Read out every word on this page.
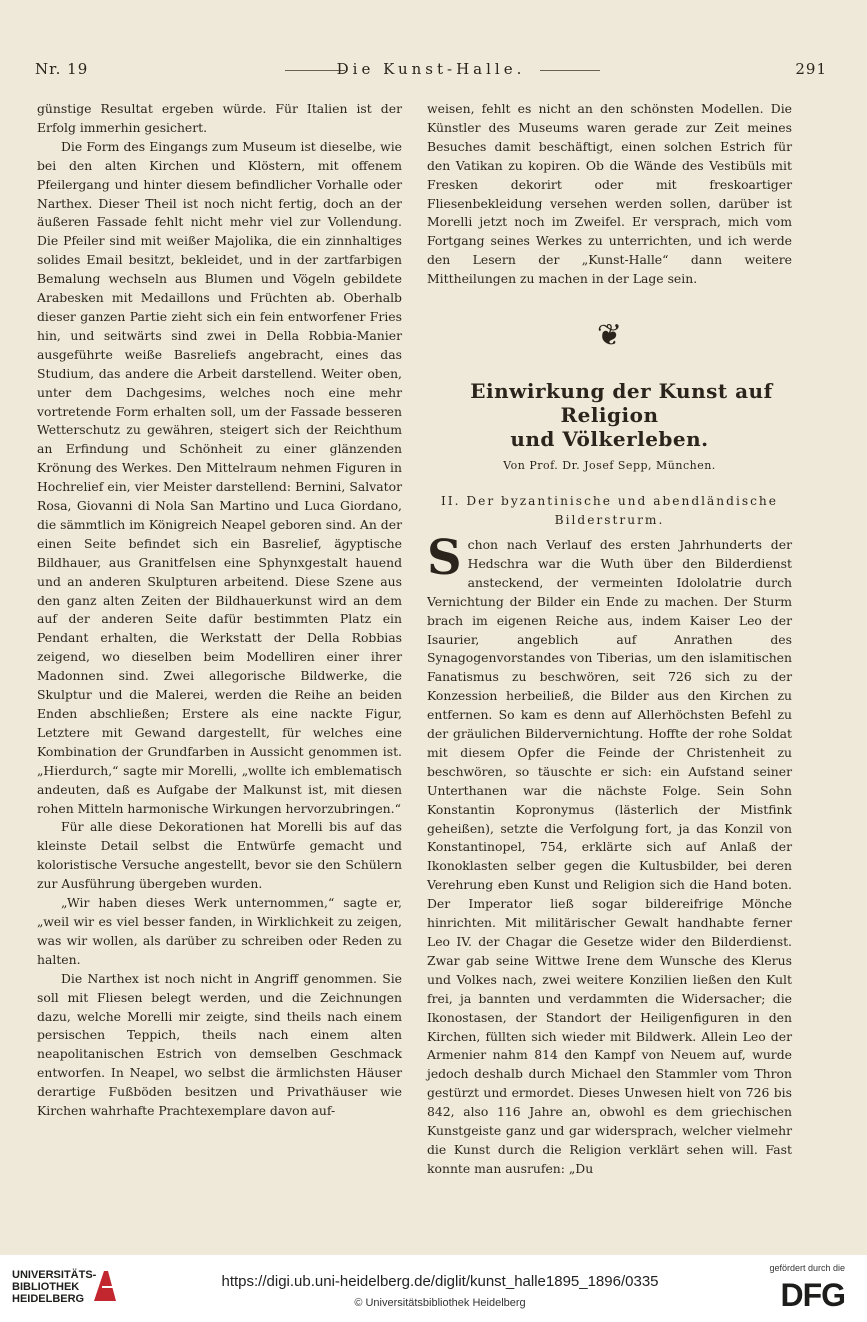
Nr. 19	Die Kunst-Halle.	291

günstige Resultat ergeben würde. Für Italien ist der Erfolg immerhin gesichert.

Die Form des Eingangs zum Museum ist dieselbe, wie bei den alten Kirchen und Klöstern, mit offenem Pfeilergang und hinter diesem befindlicher Vorhalle oder Narthex. Dieser Theil ist noch nicht fertig, doch an der äußeren Fassade fehlt nicht mehr viel zur Vollendung. Die Pfeiler sind mit weißer Majolika, die ein zinnhaltiges solides Email besitzt, bekleidet, und in der zartfarbigen Bemalung wechseln aus Blumen und Vögeln gebildete Arabesken mit Medaillons und Früchten ab. Oberhalb dieser ganzen Partie zieht sich ein fein entworfener Fries hin, und seitwärts sind zwei in Della Robbia-Manier ausgeführte weiße Basreliefs angebracht, eines das Studium, das andere die Arbeit darstellend. Weiter oben, unter dem Dachgesims, welches noch eine mehr vortretende Form erhalten soll, um der Fassade besseren Wetterschutz zu gewähren, steigert sich der Reichthum an Erfindung und Schönheit zu einer glänzenden Krönung des Werkes. Den Mittelraum nehmen Figuren in Hochrelief ein, vier Meister darstellend: Bernini, Salvator Rosa, Giovanni di Nola San Martino und Luca Giordano, die sämmtlich im Königreich Neapel geboren sind. An der einen Seite befindet sich ein Basrelief, ägyptische Bildhauer, aus Granitfelsen eine Sphynxgestalt hauend und an anderen Skulpturen arbeitend. Diese Szene aus den ganz alten Zeiten der Bildhauerkunst wird an dem auf der anderen Seite dafür bestimmten Platz ein Pendant erhalten, die Werkstatt der Della Robbias zeigend, wo dieselben beim Modelliren einer ihrer Madonnen sind. Zwei allegorische Bildwerke, die Skulptur und die Malerei, werden die Reihe an beiden Enden abschließen; Erstere als eine nackte Figur, Letztere mit Gewand dargestellt, für welches eine Kombination der Grundfarben in Aussicht genommen ist. „Hierdurch,“ sagte mir Morelli, „wollte ich emblematisch andeuten, daß es Aufgabe der Malkunst ist, mit diesen rohen Mitteln harmonische Wirkungen hervorzubringen.“

Für alle diese Dekorationen hat Morelli bis auf das kleinste Detail selbst die Entwürfe gemacht und koloristische Versuche angestellt, bevor sie den Schülern zur Ausführung übergeben wurden.

„Wir haben dieses Werk unternommen,“ sagte er, „weil wir es viel besser fanden, in Wirklichkeit zu zeigen, was wir wollen, als darüber zu schreiben oder Reden zu halten.

Die Narthex ist noch nicht in Angriff genommen. Sie soll mit Fliesen belegt werden, und die Zeichnungen dazu, welche Morelli mir zeigte, sind theils nach einem persischen Teppich, theils nach einem alten neapolitanischen Estrich von demselben Geschmack entworfen. In Neapel, wo selbst die ärmlichsten Häuser derartige Fußböden besitzen und Privathäuser wie Kirchen wahrhafte Prachtexemplare davon auf-

weisen, fehlt es nicht an den schönsten Modellen. Die Künstler des Museums waren gerade zur Zeit meines Besuches damit beschäftigt, einen solchen Estrich für den Vatikan zu kopiren. Ob die Wände des Vestibüls mit Fresken dekorirt oder mit freskoartiger Fliesenbekleidung versehen werden sollen, darüber ist Morelli jetzt noch im Zweifel. Er versprach, mich vom Fortgang seines Werkes zu unterrichten, und ich werde den Lesern der „Kunst-Halle“ dann weitere Mittheilungen zu machen in der Lage sein.

❦

Einwirkung der Kunst auf Religion
und Völkerleben.

Von Prof. Dr. Josef Sepp, München.
II. Der byzantinische und abendländische
Bilderstrurm.

Schon nach Verlauf des ersten Jahrhunderts der Hedschra war die Wuth über den Bilderdienst ansteckend, der vermeinten Idololatrie durch Vernichtung der Bilder ein Ende zu machen. Der Sturm brach im eigenen Reiche aus, indem Kaiser Leo der Isaurier, angeblich auf Anrathen des Synagogenvorstandes von Tiberias, um den islamitischen Fanatismus zu beschwören, seit 726 sich zu der Konzession herbeiließ, die Bilder aus den Kirchen zu entfernen. So kam es denn auf Allerhöchsten Befehl zu der gräulichen Bildervernichtung. Hoffte der rohe Soldat mit diesem Opfer die Feinde der Christenheit zu beschwören, so täuschte er sich: ein Aufstand seiner Unterthanen war die nächste Folge. Sein Sohn Konstantin Kopronymus (lästerlich der Mistfink geheißen), setzte die Verfolgung fort, ja das Konzil von Konstantinopel, 754, erklärte sich auf Anlaß der Ikonoklasten selber gegen die Kultusbilder, bei deren Verehrung eben Kunst und Religion sich die Hand boten. Der Imperator ließ sogar bildereifrige Mönche hinrichten. Mit militärischer Gewalt handhabte ferner Leo IV. der Chagar die Gesetze wider den Bilderdienst. Zwar gab seine Wittwe Irene dem Wunsche des Klerus und Volkes nach, zwei weitere Konzilien ließen den Kult frei, ja bannten und verdammten die Widersacher; die Ikonostasen, der Standort der Heiligenfiguren in den Kirchen, füllten sich wieder mit Bildwerk. Allein Leo der Armenier nahm 814 den Kampf von Neuem auf, wurde jedoch deshalb durch Michael den Stammler vom Thron gestürzt und ermordet. Dieses Unwesen hielt von 726 bis 842, also 116 Jahre an, obwohl es dem griechischen Kunstgeiste ganz und gar widersprach, welcher vielmehr die Kunst durch die Religion verklärt sehen will. Fast konnte man ausrufen: „Du

UNIVERSITÄTS-
BIBLIOTHEK
HEIDELBERG
https://digi.ub.uni-heidelberg.de/diglit/kunst_halle1895_1896/0335
© Universitätsbibliothek Heidelberg
gefördert durch die
DFG
